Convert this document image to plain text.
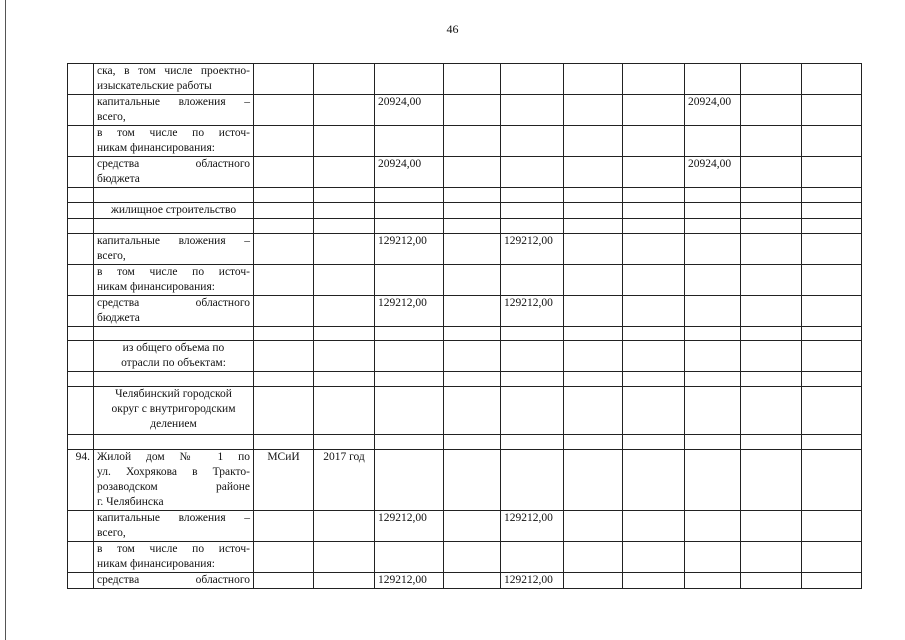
46

	ска, в том числе проектно-
изыскательские работы										

	капитальные вложения –
всего,			20924,00					20924,00		

	в том числе по источ-
никам финансирования:										

	средства областного
бюджета			20924,00					20924,00		

	жилищное строительство										

	капитальные вложения –
всего,			129212,00		129212,00					

	в том числе по источ-
никам финансирования:										

	средства областного
бюджета			129212,00		129212,00					

	из общего объема по
отрасли по объектам:										

	Челябинский городской
округ с внутригородским
делением										

94.	Жилой дом № 1 по
ул. Хохрякова в Тракто-
розаводском районе
г. Челябинска	МСиИ	2017 год								

	капитальные вложения –
всего,			129212,00		129212,00					

	в том числе по источ-
никам финансирования:										

	средства областного			129212,00		129212,00					
